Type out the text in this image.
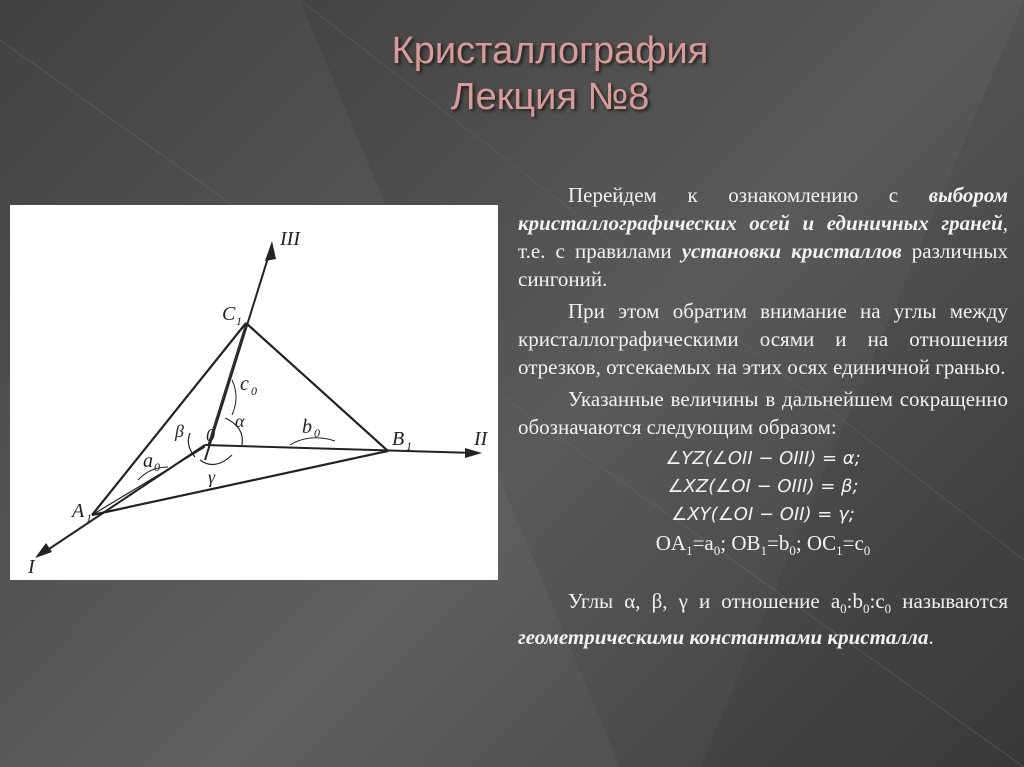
Кристаллография
Лекция №8
III
II
I
C 1
B 1
A 1
c 0
b 0
a 0
0
α
β
γ

Перейдем к ознакомлению с выбором кристаллографических осей и единичных граней, т.е. с правилами установки кристаллов различных сингоний.

При этом обратим внимание на углы между кристаллографическими осями и на отношения отрезков, отсекаемых на этих осях единичной гранью.

Указанные величины в дальнейшем сокращенно обозначаются следующим образом:

∠YZ(∠OII − OIII) = α;
∠XZ(∠OI − OIII) = β;
∠XY(∠OI − OII) = γ;
$OA_1=a_0$; $OB_1=b_0$; $OC_1=c_0$

Углы α, β, γ и отношение $a_0:b_0:c_0$ называются геометрическими константами кристалла.
